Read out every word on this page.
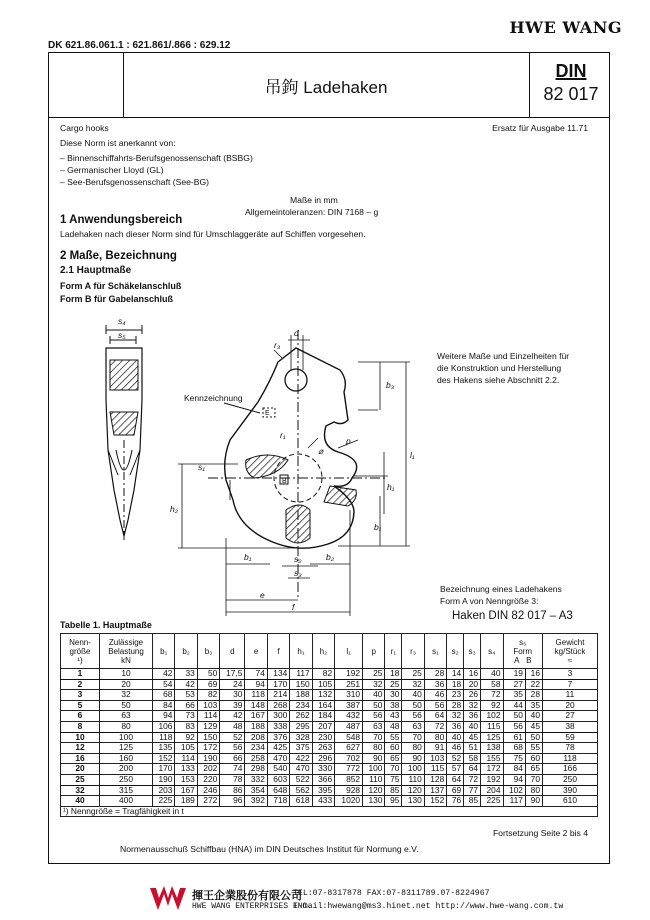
HWE WANG
DK 621.86.061.1 : 621.861/.866 : 629.12
吊鉤 Ladehaken
DIN
82 017
Cargo hooks	Ersatz für Ausgabe 11.71
Diese Norm ist anerkannt von:
– Binnenschiffahrts-Berufsgenossenschaft (BSBG)
– Germanischer Lloyd (GL)
– See-Berufsgenossenschaft (See-BG)
Maße in mm
Allgemeintoleranzen: DIN 7168 – g
1 Anwendungsbereich
Ladehaken nach dieser Norm sind für Umschlaggeräte auf Schiffen vorgesehen.
2 Maße, Bezeichnung
2.1 Hauptmaße
Form A für Schäkelanschluß
Form B für Gabelanschluß
E
B
s₄
s₅	d
r₃
b₃
p
l₁
h₁
h₂
s₁
b₁
r₁
b₁	b₂
s₂
s₃
e
f
⌀
Kennzeichnung
Weitere Maße und Einzelheiten für
die Konstruktion und Herstellung
des Hakens siehe Abschnitt 2.2.
Bezeichnung eines Ladehakens
Form A von Nenngröße 3:
Haken DIN 82 017 – A3
Tabelle 1. Hauptmaße
Nenn-
größe
¹)	Zulässige
Belastung
kN	b₁	b₂	b₃	d	e	f	h₁	h₂	l₁	p	r₁	r₃	s₁	s₂	s₃	s₄	s₅
Form
A B		Gewicht
kg/Stück
≈
1	10	42	33	50	17,5	74	134	117	82	192	25	18	25	28	14	16	40	19	16	3
2	20	54	42	69	24	94	170	150	105	251	32	25	32	36	18	20	58	27	22	7
3	32	68	53	82	30	118	214	188	132	310	40	30	40	46	23	26	72	35	28	11
5	50	84	66	103	39	148	268	234	164	387	50	38	50	56	28	32	92	44	35	20
6	63	94	73	114	42	167	300	262	184	432	56	43	56	64	32	36	102	50	40	27
8	80	106	83	129	48	188	338	295	207	487	63	48	63	72	36	40	115	56	45	38
10	100	118	92	150	52	208	376	328	230	548	70	55	70	80	40	45	125	61	50	59
12	125	135	105	172	56	234	425	375	263	627	80	60	80	91	46	51	138	68	55	78
16	160	152	114	190	66	258	470	422	296	702	90	65	90	103	52	58	155	75	60	118
20	200	170	133	202	74	298	540	470	330	772	100	70	100	115	57	64	172	84	65	166
25	250	190	153	220	78	332	603	522	366	852	110	75	110	128	64	72	192	94	70	250
32	315	203	167	246	86	354	648	562	395	928	120	85	120	137	69	77	204	102	80	390
40	400	225	189	272	96	392	718	618	433	1020	130	95	130	152	76	85	225	117	90	610
¹) Nenngröße = Tragfähigkeit in t																				
Fortsetzung Seite 2 bis 4
Normenausschuß Schiffbau (HNA) im DIN Deutsches Institut für Normung e.V.
揮王企業股份有限公司
HWE WANG ENTERPRISES INC.
TEL:07-8317878 FAX:07-8311789.07-8224967
E-mail:hwewang@ms3.hinet.net http://www.hwe-wang.com.tw
